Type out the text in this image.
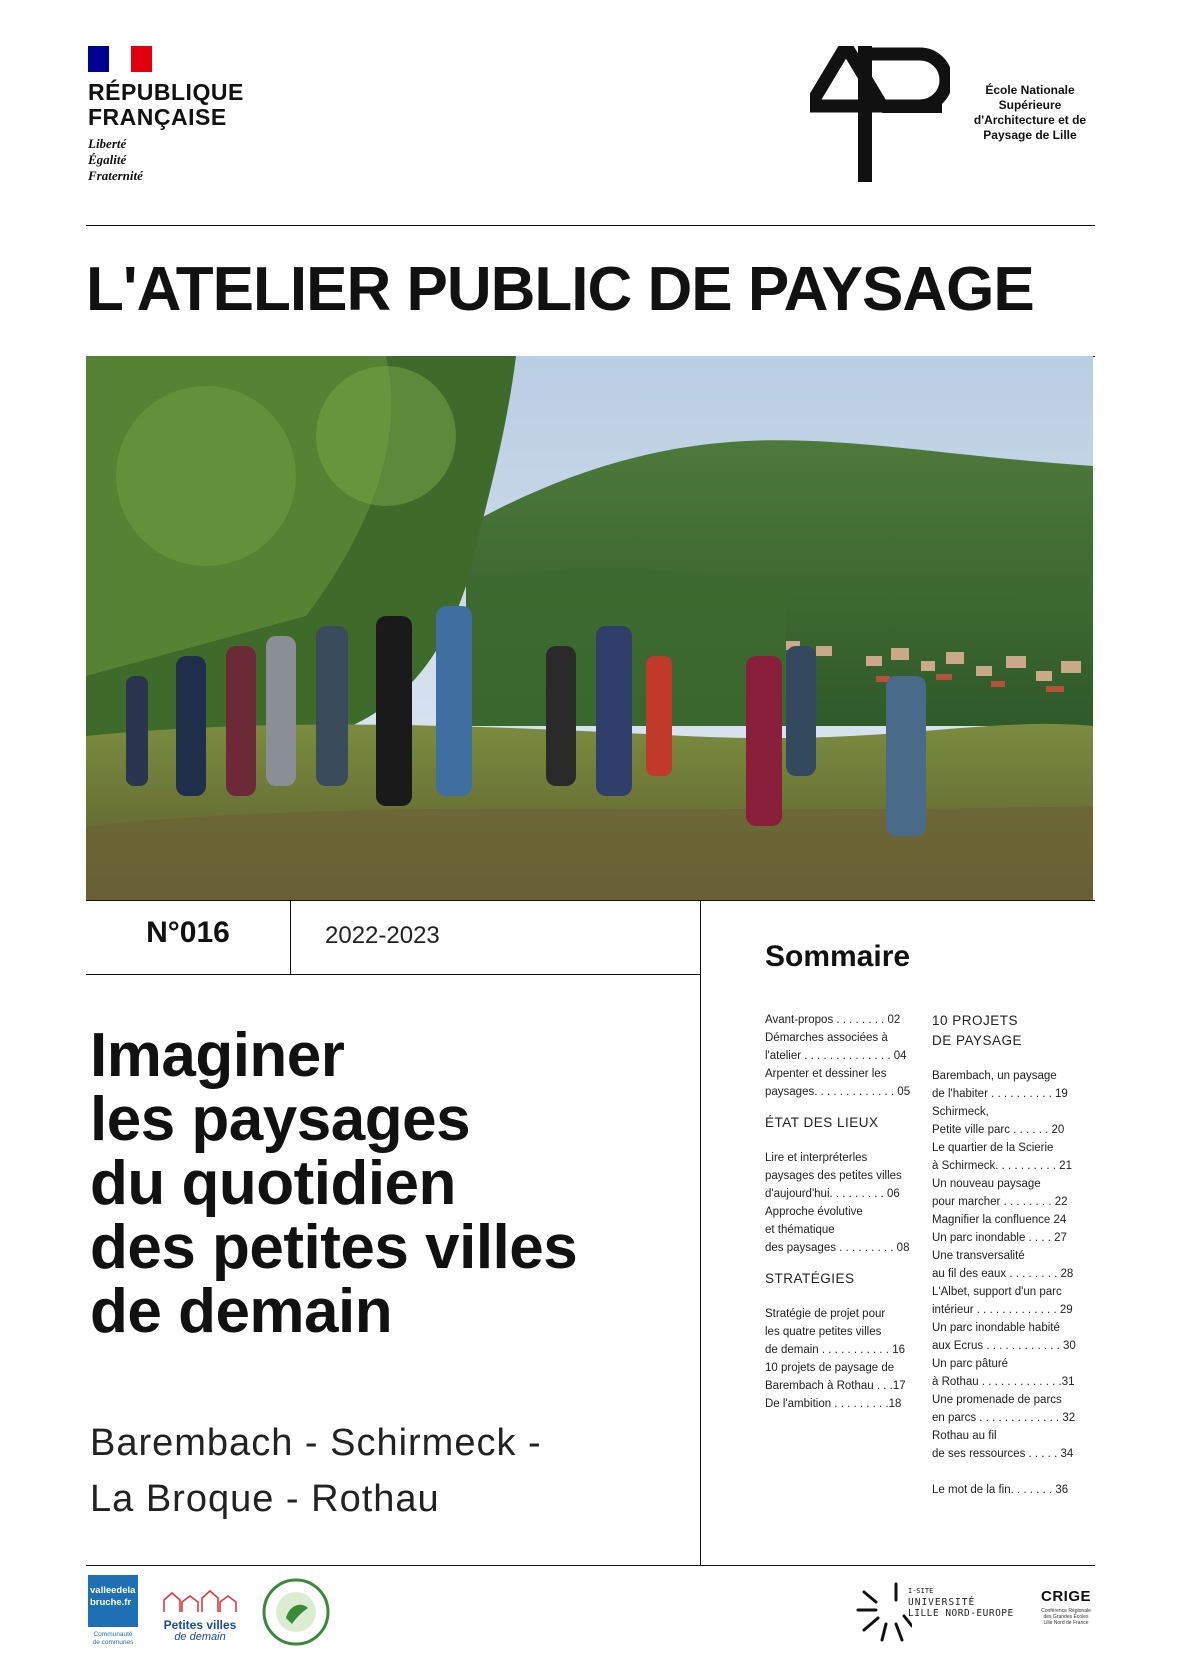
RÉPUBLIQUE
FRANÇAISE
Liberté
Égalité
Fraternité
École Nationale
Supérieure
d'Architecture et de
Paysage de Lille
L'ATELIER PUBLIC DE PAYSAGE
N°016	2022-2023
Imaginer
les paysages
du quotidien
des petites villes
de demain
Barembach - Schirmeck -
La Broque - Rothau
Sommaire

Avant-propos . . . . . . . . 02

Démarches associées à

l'atelier . . . . . . . . . . . . . . 04

Arpenter et dessiner les

paysages. . . . . . . . . . . . . 05

ÉTAT DES LIEUX

Lire et interpréterles

paysages des petites villes

d'aujourd'hui. . . . . . . . . 06

Approche évolutive

et thématique

des paysages . . . . . . . . . 08

STRATÉGIES

Stratégie de projet pour

les quatre petites villes

de demain . . . . . . . . . . . 16

10 projets de paysage de

Barembach à Rothau . . .17

De l'ambition . . . . . . . . .18

10 PROJETS

DE PAYSAGE

Barembach, un paysage

de l'habiter . . . . . . . . . . 19

Schirmeck,

Petite ville parc . . . . . . 20

Le quartier de la Scierie

à Schirmeck. . . . . . . . . . 21

Un nouveau paysage

pour marcher . . . . . . . . 22

Magnifier la confluence 24

Un parc inondable . . . . 27

Une transversalité

au fil des eaux . . . . . . . . 28

L'Albet, support d'un parc

intérieur . . . . . . . . . . . . . 29

Un parc inondable habité

aux Ecrus . . . . . . . . . . . . 30

Un parc pâturé

à Rothau . . . . . . . . . . . . .31

Une promenade de parcs

en parcs . . . . . . . . . . . . . 32

Rothau au fil

de ses ressources . . . . . 34

Le mot de la fin. . . . . . . 36

valleedela
bruche.fr
Communauté
de communes
Petites villes
de demain
I-SITE
UNIVERSITÉ
LILLE NORD-EUROPE
CRIGE
Conférence Régionale
des Grandes Écoles
Lille Nord de France
